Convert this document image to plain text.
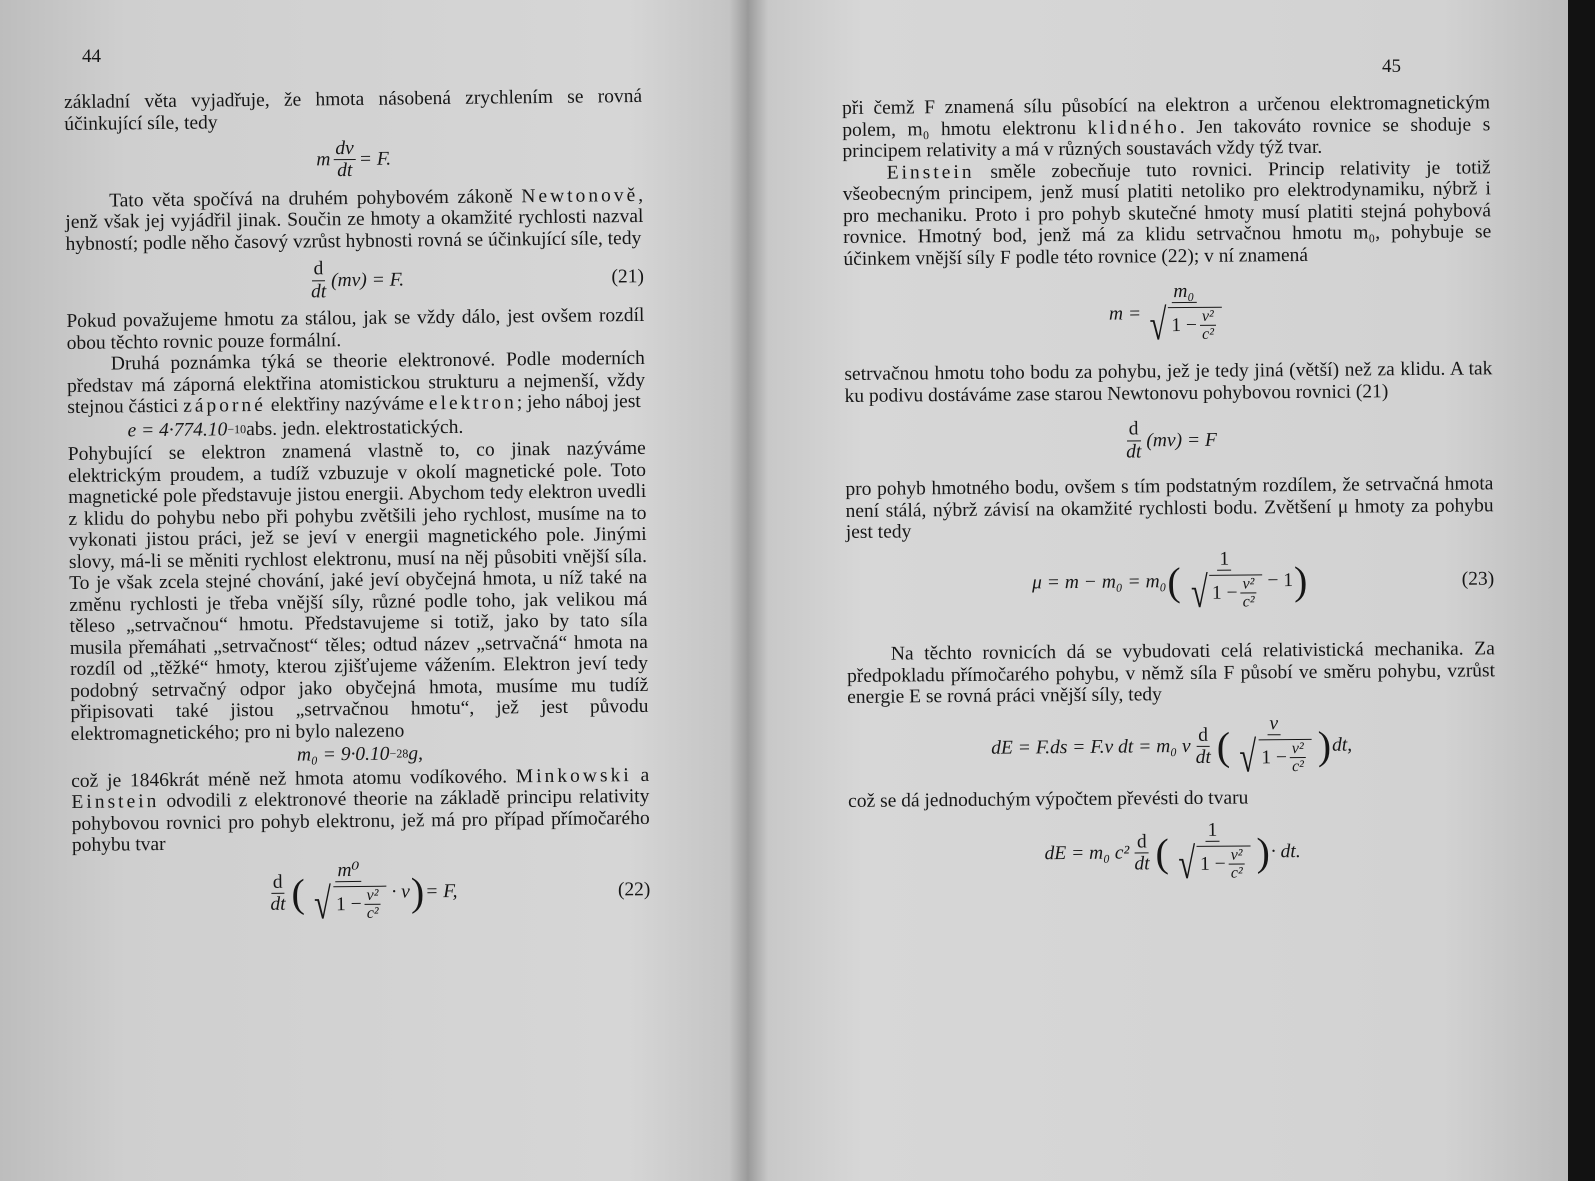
44

základní věta vyjadřuje, že hmota násobená zrychlením se rovná účinkující síle, tedy

m $\frac{dv}{dt} = F$.

Tato věta spočívá na druhém pohybovém zákoně Newtonově, jenž však jej vyjádřil jinak. Součin ze hmoty a okamžité rychlosti nazval hybností; podle něho časový vzrůst hybnosti rovná se účinkující síle, tedy

$\frac{d}{dt} (mv) = F$.	(21)

Pokud považujeme hmotu za stálou, jak se vždy dálo, jest ovšem rozdíl obou těchto rovnic pouze formální.

Druhá poznámka týká se theorie elektronové. Podle moderních představ má záporná elektřina atomistickou strukturu a nejmenší, vždy stejnou částici záporné elektřiny nazýváme elektron; jeho náboj jest

e = 4·774.10 −10 abs. jedn. elektrostatických.

Pohybující se elektron znamená vlastně to, co jinak nazýváme elektrickým proudem, a tudíž vzbuzuje v okolí magnetické pole. Toto magnetické pole představuje jistou energii. Abychom tedy elektron uvedli z klidu do pohybu nebo při pohybu zvětšili jeho rychlost, musíme na to vykonati jistou práci, jež se jeví v energii magnetického pole. Jinými slovy, má-li se měniti rychlost elektronu, musí na něj působiti vnější síla. To je však zcela stejné chování, jaké jeví obyčejná hmota, u níž také na změnu rychlosti je třeba vnější síly, různé podle toho, jak velikou má těleso „setrvačnou“ hmotu. Představujeme si totiž, jako by tato síla musila přemáhati „setrvačnost“ těles; odtud název „setrvačná“ hmota na rozdíl od „těžké“ hmoty, kterou zjišťujeme vážením. Elektron jeví tedy podobný setrvačný odpor jako obyčejná hmota, musíme mu tudíž připisovati také jistou „setrvačnou hmotu“, jež jest původu elektromagnetického; pro ni bylo nalezeno

m₀ = 9·0.10 −28 g,

což je 1846krát méně než hmota atomu vodíkového. Minkowski a Einstein odvodili z elektronové theorie na základě principu relativity pohybovou rovnici pro pohyb elektronu, jež má pro případ přímočarého pohybu tvar

$\frac{d}{dt}$ (
m⁰
√ $1 - \frac{\text{v²}}{\text{c²}} \cdot v$ ) = F,	(22)
45

při čemž F znamená sílu působící na elektron a určenou elektromagnetickým polem, m₀ hmotu elektronu klidného. Jen takováto rovnice se shoduje s principem relativity a má v různých soustavách vždy týž tvar.

Einstein směle zobecňuje tuto rovnici. Princip relativity je totiž všeobecným principem, jenž musí platiti netoliko pro elektrodynamiku, nýbrž i pro mechaniku. Proto i pro pohyb skutečné hmoty musí platiti stejná pohybová rovnice. Hmotný bod, jenž má za klidu setrvačnou hmotu m₀, pohybuje se účinkem vnější síly F podle této rovnice (22); v ní znamená

m =
m₀
√ $1 - \frac{\text{v²}}{\text{c²}}$

setrvačnou hmotu toho bodu za pohybu, jež je tedy jiná (větší) než za klidu. A tak ku podivu dostáváme zase starou Newtonovu pohybovou rovnici (21)

$\frac{d}{dt} (mv) = F$

pro pohyb hmotného bodu, ovšem s tím podstatným rozdílem, že setrvačná hmota není stálá, nýbrž závisí na okamžité rychlosti bodu. Zvětšení μ hmoty za pohybu jest tedy

μ = m − m₀ = m₀ (
1
√ $1 - \frac{\text{v²}}{\text{c²}} - 1$ )	(23)

Na těchto rovnicích dá se vybudovati celá relativistická mechanika. Za předpokladu přímočarého pohybu, v němž síla F působí ve směru pohybu, vzrůst energie E se rovná práci vnější síly, tedy

dE = F.ds = F.v dt = m₀ v $\frac{d}{dt}$ (
v
√ $1 - \frac{\text{v²}}{\text{c²}}$ ) dt,

což se dá jednoduchým výpočtem převésti do tvaru

dE = m₀ $c^2 \frac{d}{dt}$ (
1
√ $1 - \frac{\text{v²}}{\text{c²}}$ ) · dt.
